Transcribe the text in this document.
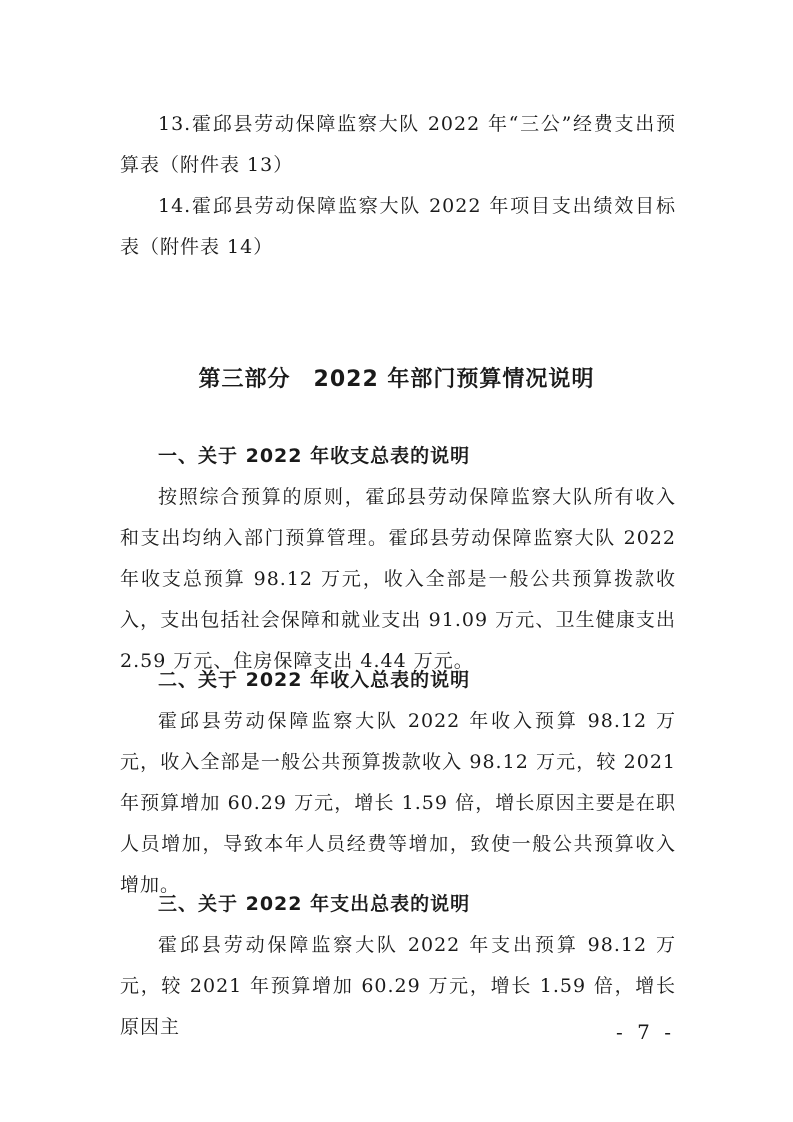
13.霍邱县劳动保障监察大队 2022 年“三公”经费支出预算表（附件表 13）

14.霍邱县劳动保障监察大队 2022 年项目支出绩效目标表（附件表 14）

第三部分　2022 年部门预算情况说明

一、关于 2022 年收支总表的说明

按照综合预算的原则，霍邱县劳动保障监察大队所有收入和支出均纳入部门预算管理。霍邱县劳动保障监察大队 2022 年收支总预算 98.12 万元，收入全部是一般公共预算拨款收入，支出包括社会保障和就业支出 91.09 万元、卫生健康支出 2.59 万元、住房保障支出 4.44 万元。

二、关于 2022 年收入总表的说明

霍邱县劳动保障监察大队 2022 年收入预算 98.12 万元，收入全部是一般公共预算拨款收入 98.12 万元，较 2021 年预算增加 60.29 万元，增长 1.59 倍，增长原因主要是在职人员增加，导致本年人员经费等增加，致使一般公共预算收入增加。

三、关于 2022 年支出总表的说明

霍邱县劳动保障监察大队 2022 年支出预算 98.12 万元，较 2021 年预算增加 60.29 万元，增长 1.59 倍，增长原因主	- 7 -
